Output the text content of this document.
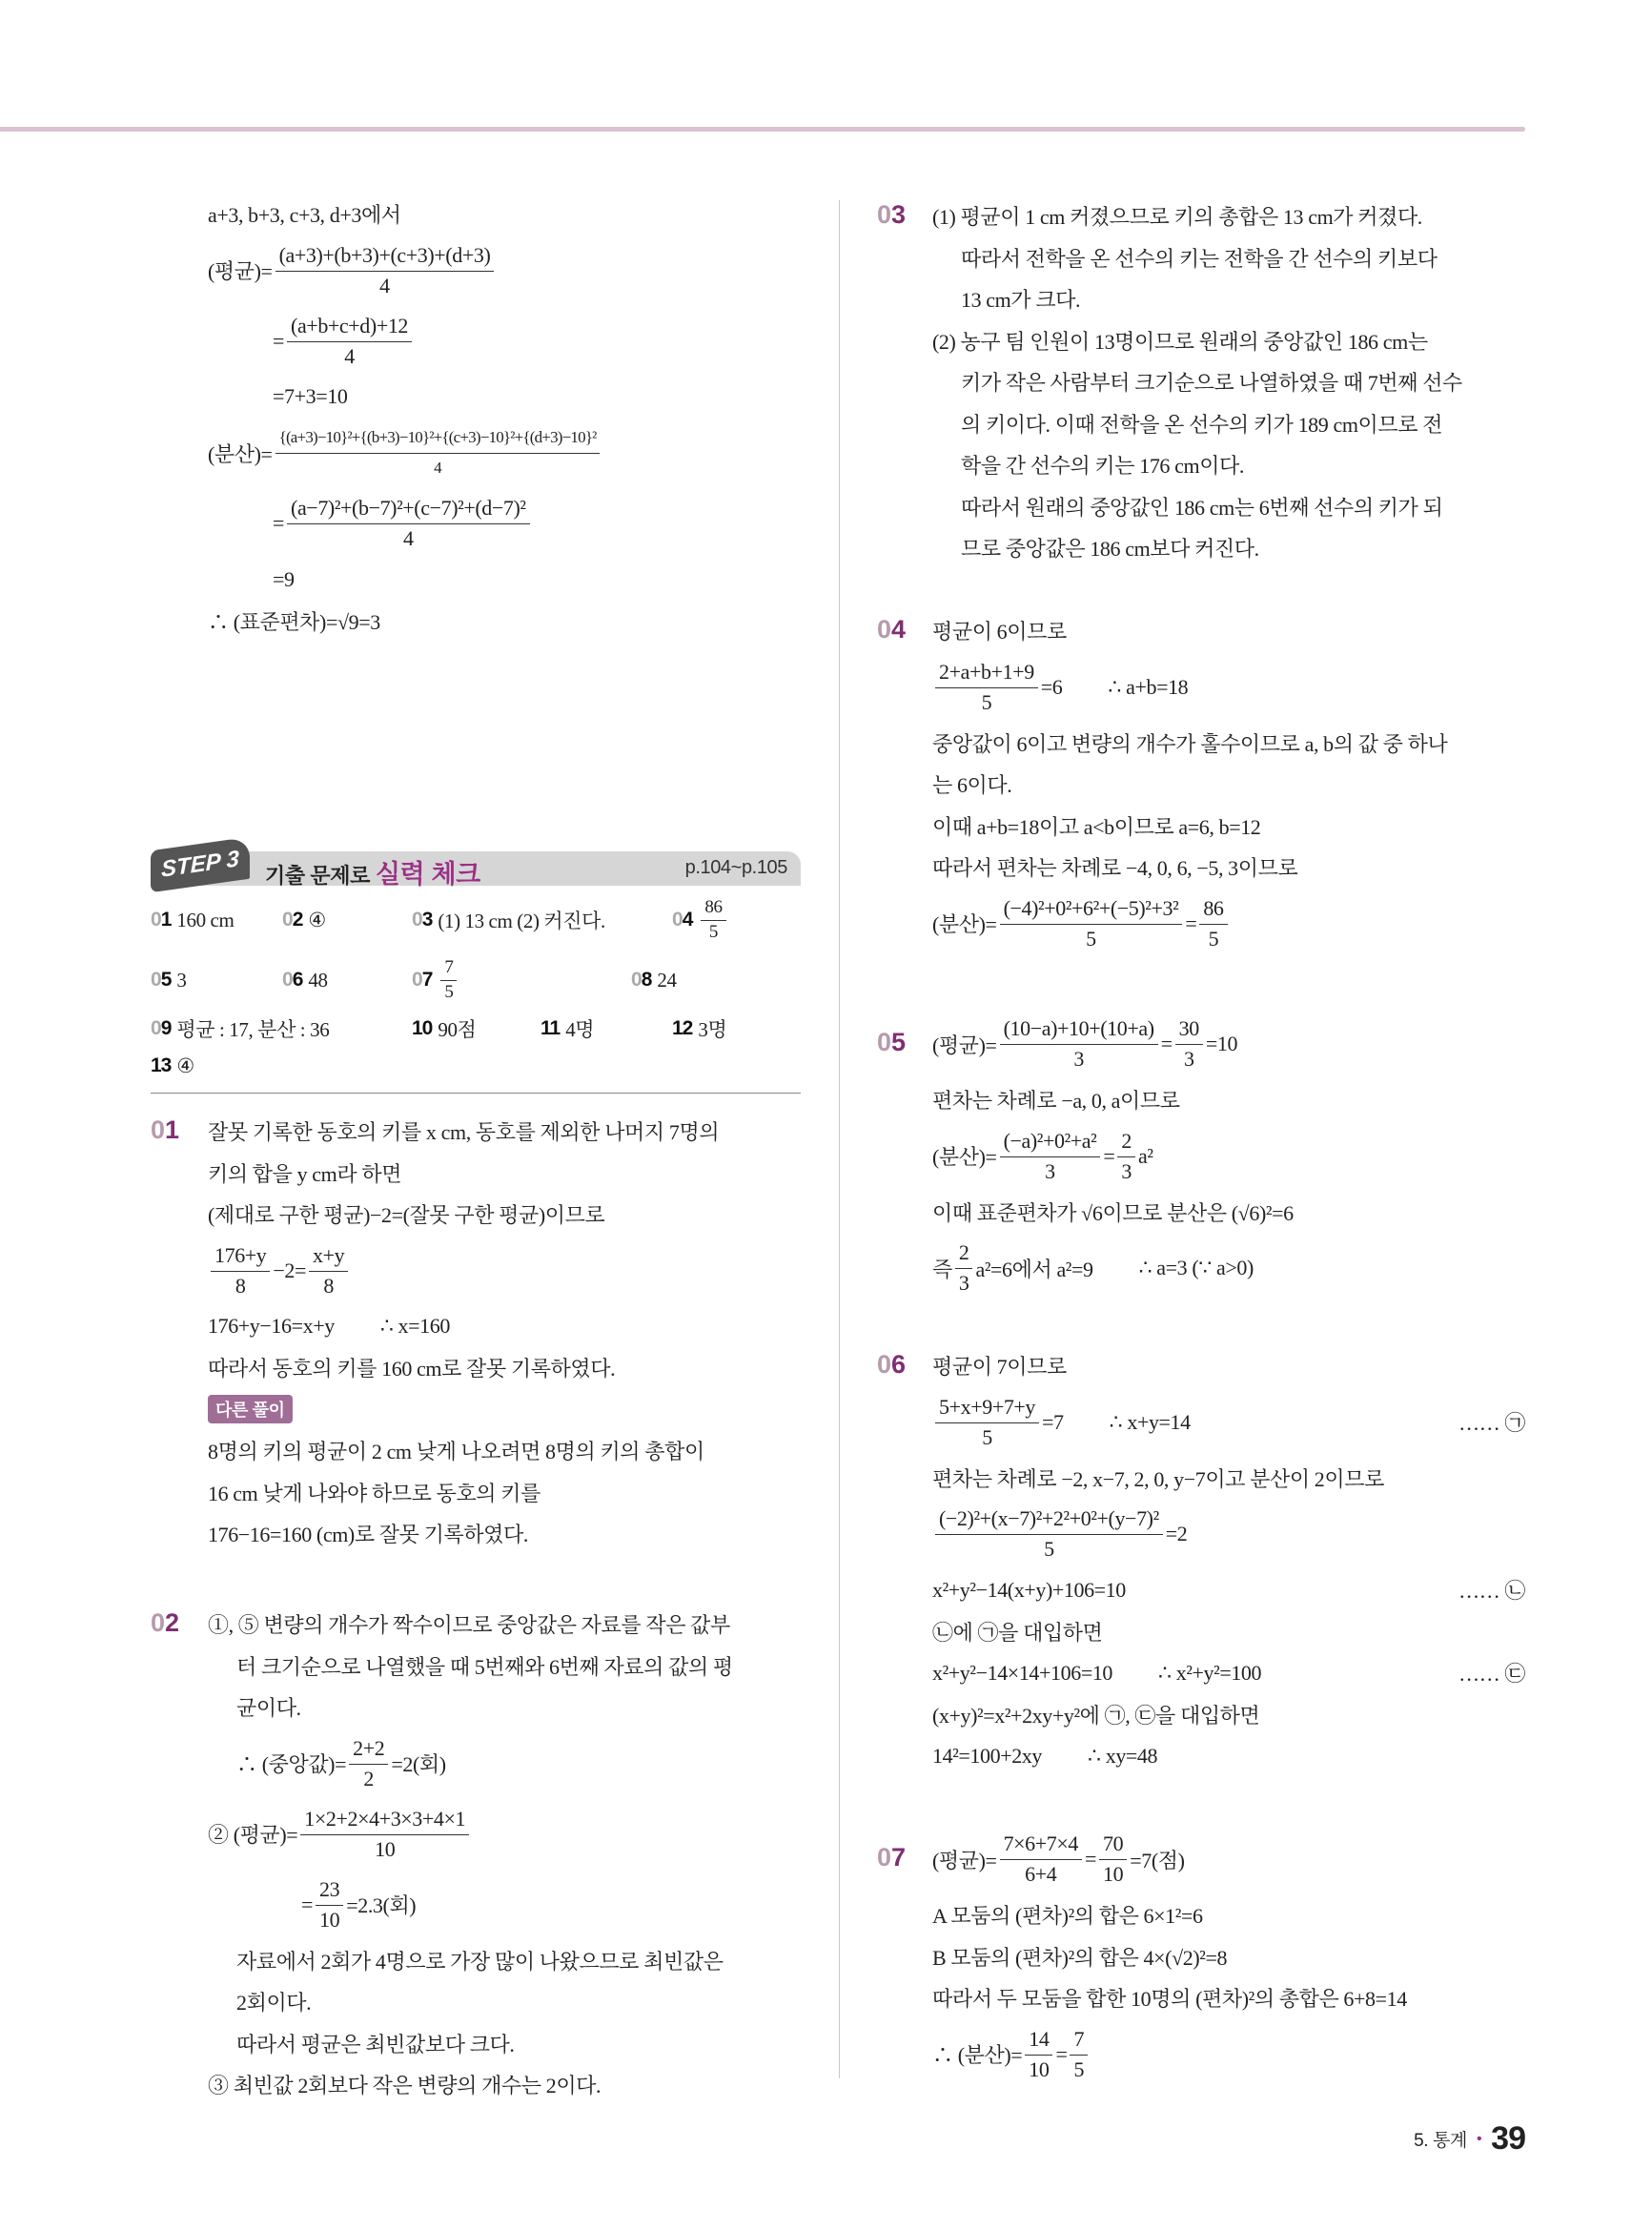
a+3, b+3, c+3, d+3에서
(평균)= $\frac{(a+3)+(b+3)+(c+3)+(d+3)}{4}$
= $\frac{(a+b+c+d)+12}{4}$
=7+3=10
(분산)= $\frac{\text{\{(a+3)−10\}²+\{(b+3)−10\}²+\{(c+3)−10\}²+\{(d+3)−10\}²}}{4}$
= $\frac{\text{(a−7)²+(b−7)²+(c−7)²+(d−7)²}}{4}$
=9
∴ (표준편차)=√9=3
STEP 3 기출 문제로 실력 체크	p.104~p.105
01 160 cm 02 ④	03 (1) 13 cm (2) 커진다.	$04 \frac{86}{5}$
05 3	06 48	$07 \frac{7}{5}$	08 24
09 평균 : 17, 분산 : 36	10 90점	11 4명	12 3명
13 ④
01 잘못 기록한 동호의 키를 x cm, 동호를 제외한 나머지 7명의
키의 합을 y cm라 하면
(제대로 구한 평균)−2=(잘못 구한 평균)이므로
$\frac{176+y}{8} -2= \frac{x+y}{8}$
176+y−16=x+y ∴ x=160
따라서 동호의 키를 160 cm로 잘못 기록하였다.
다른 풀이
8명의 키의 평균이 2 cm 낮게 나오려면 8명의 키의 총합이
16 cm 낮게 나와야 하므로 동호의 키를
176−16=160 (cm)로 잘못 기록하였다.
02 ①, ⑤ 변량의 개수가 짝수이므로 중앙값은 자료를 작은 값부
터 크기순으로 나열했을 때 5번째와 6번째 자료의 값의 평
균이다.
∴ (중앙값)= $\frac{2+2}{2} =2$(회)
② (평균)= $\frac{1\times 2+2\times 4+3\times 3+4\times 1}{10}$
= $\frac{23}{10} =2.3$(회)
자료에서 2회가 4명으로 가장 많이 나왔으므로 최빈값은
2회이다.
따라서 평균은 최빈값보다 크다.
③ 최빈값 2회보다 작은 변량의 개수는 2이다.
03 (1) 평균이 1 cm 커졌으므로 키의 총합은 13 cm가 커졌다.
따라서 전학을 온 선수의 키는 전학을 간 선수의 키보다
13 cm가 크다.
(2) 농구 팀 인원이 13명이므로 원래의 중앙값인 186 cm는
키가 작은 사람부터 크기순으로 나열하였을 때 7번째 선수
의 키이다. 이때 전학을 온 선수의 키가 189 cm이므로 전
학을 간 선수의 키는 176 cm이다.
따라서 원래의 중앙값인 186 cm는 6번째 선수의 키가 되
므로 중앙값은 186 cm보다 커진다.
04 평균이 6이므로
$\frac{2+a+b+1+9}{5} =6$ ∴ a+b=18
중앙값이 6이고 변량의 개수가 홀수이므로 a, b의 값 중 하나
는 6이다.
이때 a+b=18이고 a<b이므로 a=6, b=12
따라서 편차는 차례로 −4, 0, 6, −5, 3이므로
(분산)= $\frac{\text{(−4)²+0²+6²+(−5)²+3²}}{5} = \frac{86}{5}$
05 (평균)= $\frac{(10-a)+10+(10+a)}{3} = \frac{30}{3} =10$
편차는 차례로 −a, 0, a이므로
(분산)= $\frac{\text{(−a)²+0²+a²}}{3} = \frac{2}{3} a^2$
이때 표준편차가 √6이므로 분산은 (√6)²=6
즉 $\frac{2}{3} a^2=6$에서 a²=9 ∴ a=3 (∵ a>0)
06 평균이 7이므로
$\frac{5+x+9+7+y}{5} =7$ ∴ x+y=14	…… ㉠
편차는 차례로 −2, x−7, 2, 0, y−7이고 분산이 2이므로
$\frac{\text{(−2)²+(x−7)²+2²+0²+(y−7)²}}{5} =2$
x²+y²−14(x+y)+106=10	…… ㉡
㉡에 ㉠을 대입하면
x²+y²−14×14+106=10 ∴ x²+y²=100	…… ㉢
(x+y)²=x²+2xy+y²에 ㉠, ㉢을 대입하면
14²=100+2xy ∴ xy=48
07 (평균)= $\frac{7\times 6+7\times 4}{6+4} = \frac{70}{10} =7$(점)
A 모둠의 (편차)²의 합은 6×1²=6
B 모둠의 (편차)²의 합은 4×(√2)²=8
따라서 두 모둠을 합한 10명의 (편차)²의 총합은 6+8=14
∴ (분산)= $\frac{14}{10} = \frac{7}{5}$
5. 통계 • 39
